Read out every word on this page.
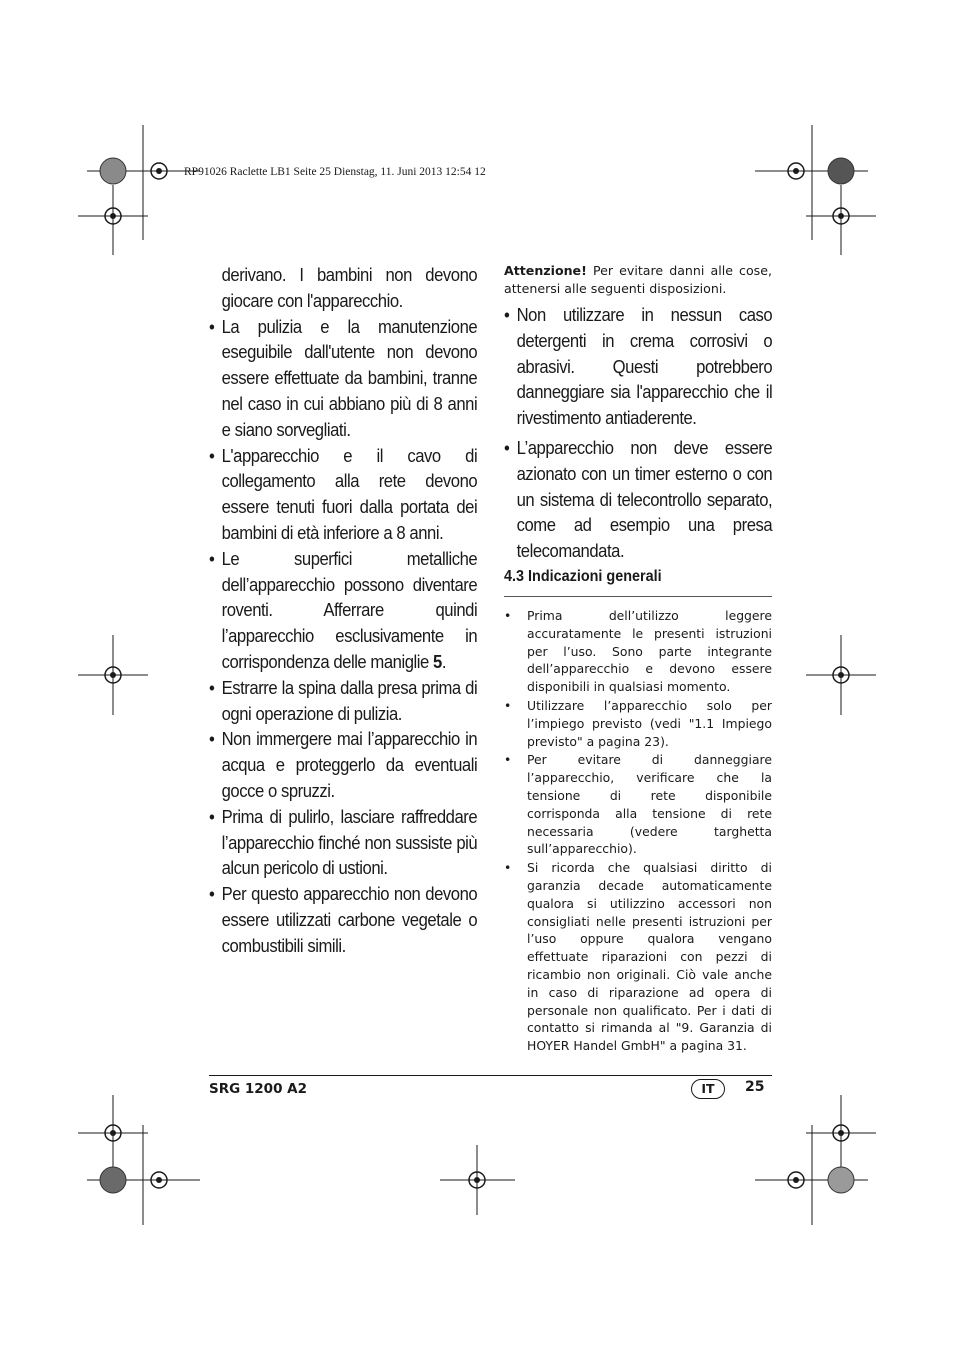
RP91026 Raclette LB1 Seite 25 Dienstag, 11. Juni 2013 12:54 12

derivano. I bambini non devono giocare con l'apparecchio.

• La pulizia e la manutenzione eseguibile dall'utente non devono essere effettuate da bambini, tranne nel caso in cui abbiano più di 8 anni e siano sorvegliati.
• L'apparecchio e il cavo di collegamento alla rete devono essere tenuti fuori dalla portata dei bambini di età inferiore a 8 anni.
• Le superfici metalliche dell’apparecchio possono diventare roventi. Afferrare quindi l’apparecchio esclusivamente in corrispondenza delle maniglie 5.
• Estrarre la spina dalla presa prima di ogni operazione di pulizia.
• Non immergere mai l’apparecchio in acqua e proteggerlo da eventuali gocce o spruzzi.
• Prima di pulirlo, lasciare raffreddare l’apparecchio finché non sussiste più alcun pericolo di ustioni.
• Per questo apparecchio non devono essere utilizzati carbone vegetale o combustibili simili.

Attenzione! Per evitare danni alle cose, attenersi alle seguenti disposizioni.

• Non utilizzare in nessun caso detergenti in crema corrosivi o abrasivi. Questi potrebbero danneggiare sia l'apparecchio che il rivestimento antiaderente.
• L’apparecchio non deve essere azionato con un timer esterno o con un sistema di telecontrollo separato, come ad esempio una presa telecomandata.

4.3 Indicazioni generali

•	Prima dell’utilizzo leggere accuratamente le presenti istruzioni per l’uso. Sono parte integrante dell’apparecchio e devono essere disponibili in qualsiasi momento.
•	Utilizzare l’apparecchio solo per l’impiego previsto (vedi "1.1 Impiego previsto" a pagina 23).
•	Per evitare di danneggiare l’apparecchio, verificare che la tensione di rete disponibile corrisponda alla tensione di rete necessaria (vedere targhetta sull’apparecchio).
•	Si ricorda che qualsiasi diritto di garanzia decade automaticamente qualora si utilizzino accessori non consigliati nelle presenti istruzioni per l’uso oppure qualora vengano effettuate riparazioni con pezzi di ricambio non originali. Ciò vale anche in caso di riparazione ad opera di personale non qualificato. Per i dati di contatto si rimanda al "9. Garanzia di HOYER Handel GmbH" a pagina 31.
SRG 1200 A2	IT	25
